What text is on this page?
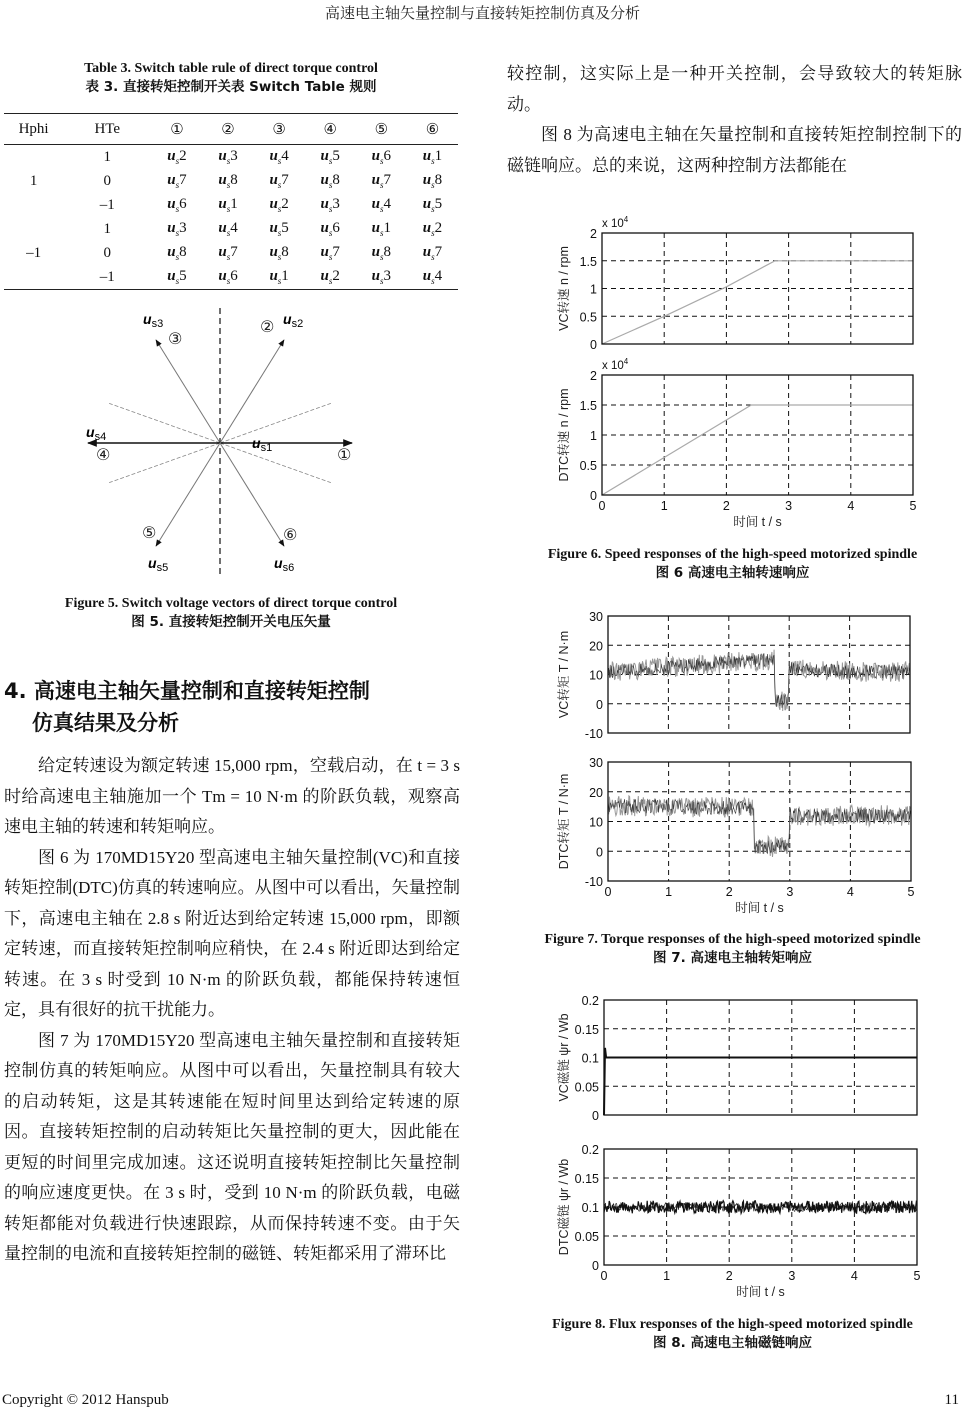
高速电主轴矢量控制与直接转矩控制仿真及分析
Table 3. Switch table rule of direct torque control
表 3. 直接转矩控制开关表 Switch Table 规则
Hphi	HTe	①	②	③	④	⑤	⑥
	1	$u_s2$	$u_s3$	$u_s4$	$u_s5$	$u_s6$	$u_s1$
1	0	$u_s7$	$u_s8$	$u_s7$	$u_s8$	$u_s7$	$u_s8$
	–1	$u_s6$	$u_s1$	$u_s2$	$u_s3$	$u_s4$	$u_s5$
	1	$u_s3$	$u_s4$	$u_s5$	$u_s6$	$u_s1$	$u_s2$
–1	0	$u_s8$	$u_s7$	$u_s8$	$u_s7$	$u_s8$	$u_s7$
	–1	$u_s5$	$u_s6$	$u_s1$	$u_s2$	$u_s3$	$u_s4$
$u_{s1}$	①
$u_{s2}$
②
$u_{s3}$
③
$u_{s4}$
④
$u_{s5}$
⑤
$u_{s6}$
⑥
Figure 5. Switch voltage vectors of direct torque control
图 5. 直接转矩控制开关电压矢量
4. 高速电主轴矢量控制和直接转矩控制
仿真结果及分析

给定转速设为额定转速 15,000 rpm，空载启动，在 t = 3 s 时给高速电主轴施加一个 Tm = 10 N·m 的阶跃负载，观察高速电主轴的转速和转矩响应。

图 6 为 170MD15Y20 型高速电主轴矢量控制(VC)和直接转矩控制(DTC)仿真的转速响应。从图中可以看出，矢量控制下，高速电主轴在 2.8 s 附近达到给定转速 15,000 rpm，即额定转速，而直接转矩控制响应稍快，在 2.4 s 附近即达到给定转速。在 3 s 时受到 10 N·m 的阶跃负载，都能保持转速恒定，具有很好的抗干扰能力。

图 7 为 170MD15Y20 型高速电主轴矢量控制和直接转矩控制仿真的转矩响应。从图中可以看出，矢量控制具有较大的启动转矩，这是其转速能在短时间里达到给定转速的原因。直接转矩控制的启动转矩比矢量控制的更大，因此能在更短的时间里完成加速。这还说明直接转矩控制比矢量控制的响应速度更快。在 3 s 时，受到 10 N·m 的阶跃负载，电磁转矩都能对负载进行快速跟踪，从而保持转速不变。由于矢量控制的电流和直接转矩控制的磁链、转矩都采用了滞环比

较控制，这实际上是一种开关控制，会导致较大的转矩脉动。

图 8 为高速电主轴在矢量控制和直接转矩控制控制下的磁链响应。总的来说，这两种控制方法都能在

0
0.5
1
1.5
2
x $10^4$
VC转速 n / rpm
0
0.5
1
1.5
2
0	1	2	3	4	5
x $10^4$
DTC转速 n / rpm
时间 t / s
Figure 6. Speed responses of the high-speed motorized spindle
图 6 高速电主轴转速响应
-10
0
10
20
30
VC转矩 T / N·m
-10
0
10
20
30
0	1	2	3	4	5
DTC转矩 T / N·m
时间 t / s
Figure 7. Torque responses of the high-speed motorized spindle
图 7. 高速电主轴转矩响应
0
0.05
0.1
0.15
0.2
VC磁链 ψr / Wb
0
0.05
0.1
0.15
0.2
0	1	2	3	4	5
DTC磁链 ψr / Wb
时间 t / s
Figure 8. Flux responses of the high-speed motorized spindle
图 8. 高速电主轴磁链响应
Copyright © 2012 Hanspub	11
